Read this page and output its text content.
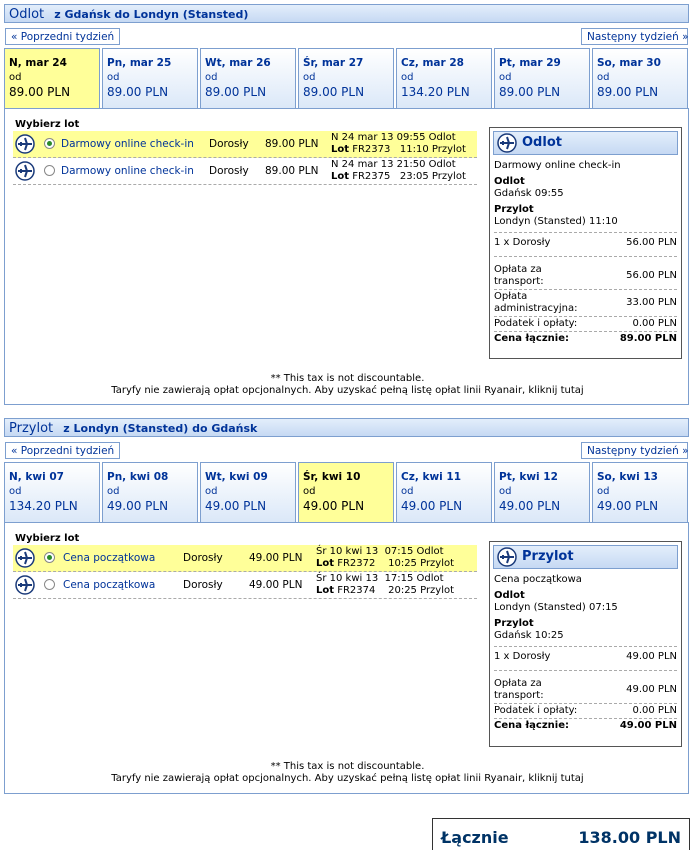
Odlot z Gdańsk do Londyn (Stansted)
« Poprzedni tydzień	Następny tydzień »
N, mar 24
od
89.00 PLN
Pn, mar 25
od
89.00 PLN
Wt, mar 26
od
89.00 PLN
Śr, mar 27
od
89.00 PLN
Cz, mar 28
od
134.20 PLN
Pt, mar 29
od
89.00 PLN
So, mar 30
od
89.00 PLN
Wybierz lot
Darmowy online check-in Dorosły 89.00 PLN
N 24 mar 13 09:55 Odlot
Lot FR2373 11:10 Przylot
Darmowy online check-in Dorosły 89.00 PLN
N 24 mar 13 21:50 Odlot
Lot FR2375 23:05 Przylot
Odlot
Darmowy online check-in
Odlot
Gdańsk 09:55
Przylot
Londyn (Stansted) 11:10
1 x Dorosły	56.00 PLN
Opłata za transport:
56.00 PLN
Opłata administracyjna:
33.00 PLN
Podatek i opłaty:	0.00 PLN
Cena łącznie:	89.00 PLN
** This tax is not discountable.
Taryfy nie zawierają opłat opcjonalnych. Aby uzyskać pełną listę opłat linii Ryanair, kliknij tutaj
Przylot z Londyn (Stansted) do Gdańsk
« Poprzedni tydzień	Następny tydzień »
N, kwi 07
od
134.20 PLN
Pn, kwi 08
od
49.00 PLN
Wt, kwi 09
od
49.00 PLN
Śr, kwi 10
od
49.00 PLN
Cz, kwi 11
od
49.00 PLN
Pt, kwi 12
od
49.00 PLN
So, kwi 13
od
49.00 PLN
Wybierz lot
Cena początkowa	Dorosły	49.00 PLN
Śr 10 kwi 13 07:15 Odlot
Lot FR2372 10:25 Przylot
Cena początkowa	Dorosły	49.00 PLN
Śr 10 kwi 13 17:15 Odlot
Lot FR2374 20:25 Przylot
Przylot
Cena początkowa
Odlot
Londyn (Stansted) 07:15
Przylot
Gdańsk 10:25
1 x Dorosły	49.00 PLN
Opłata za transport:
49.00 PLN
Podatek i opłaty:	0.00 PLN
Cena łącznie:	49.00 PLN
** This tax is not discountable.
Taryfy nie zawierają opłat opcjonalnych. Aby uzyskać pełną listę opłat linii Ryanair, kliknij tutaj
Łącznie	138.00 PLN
